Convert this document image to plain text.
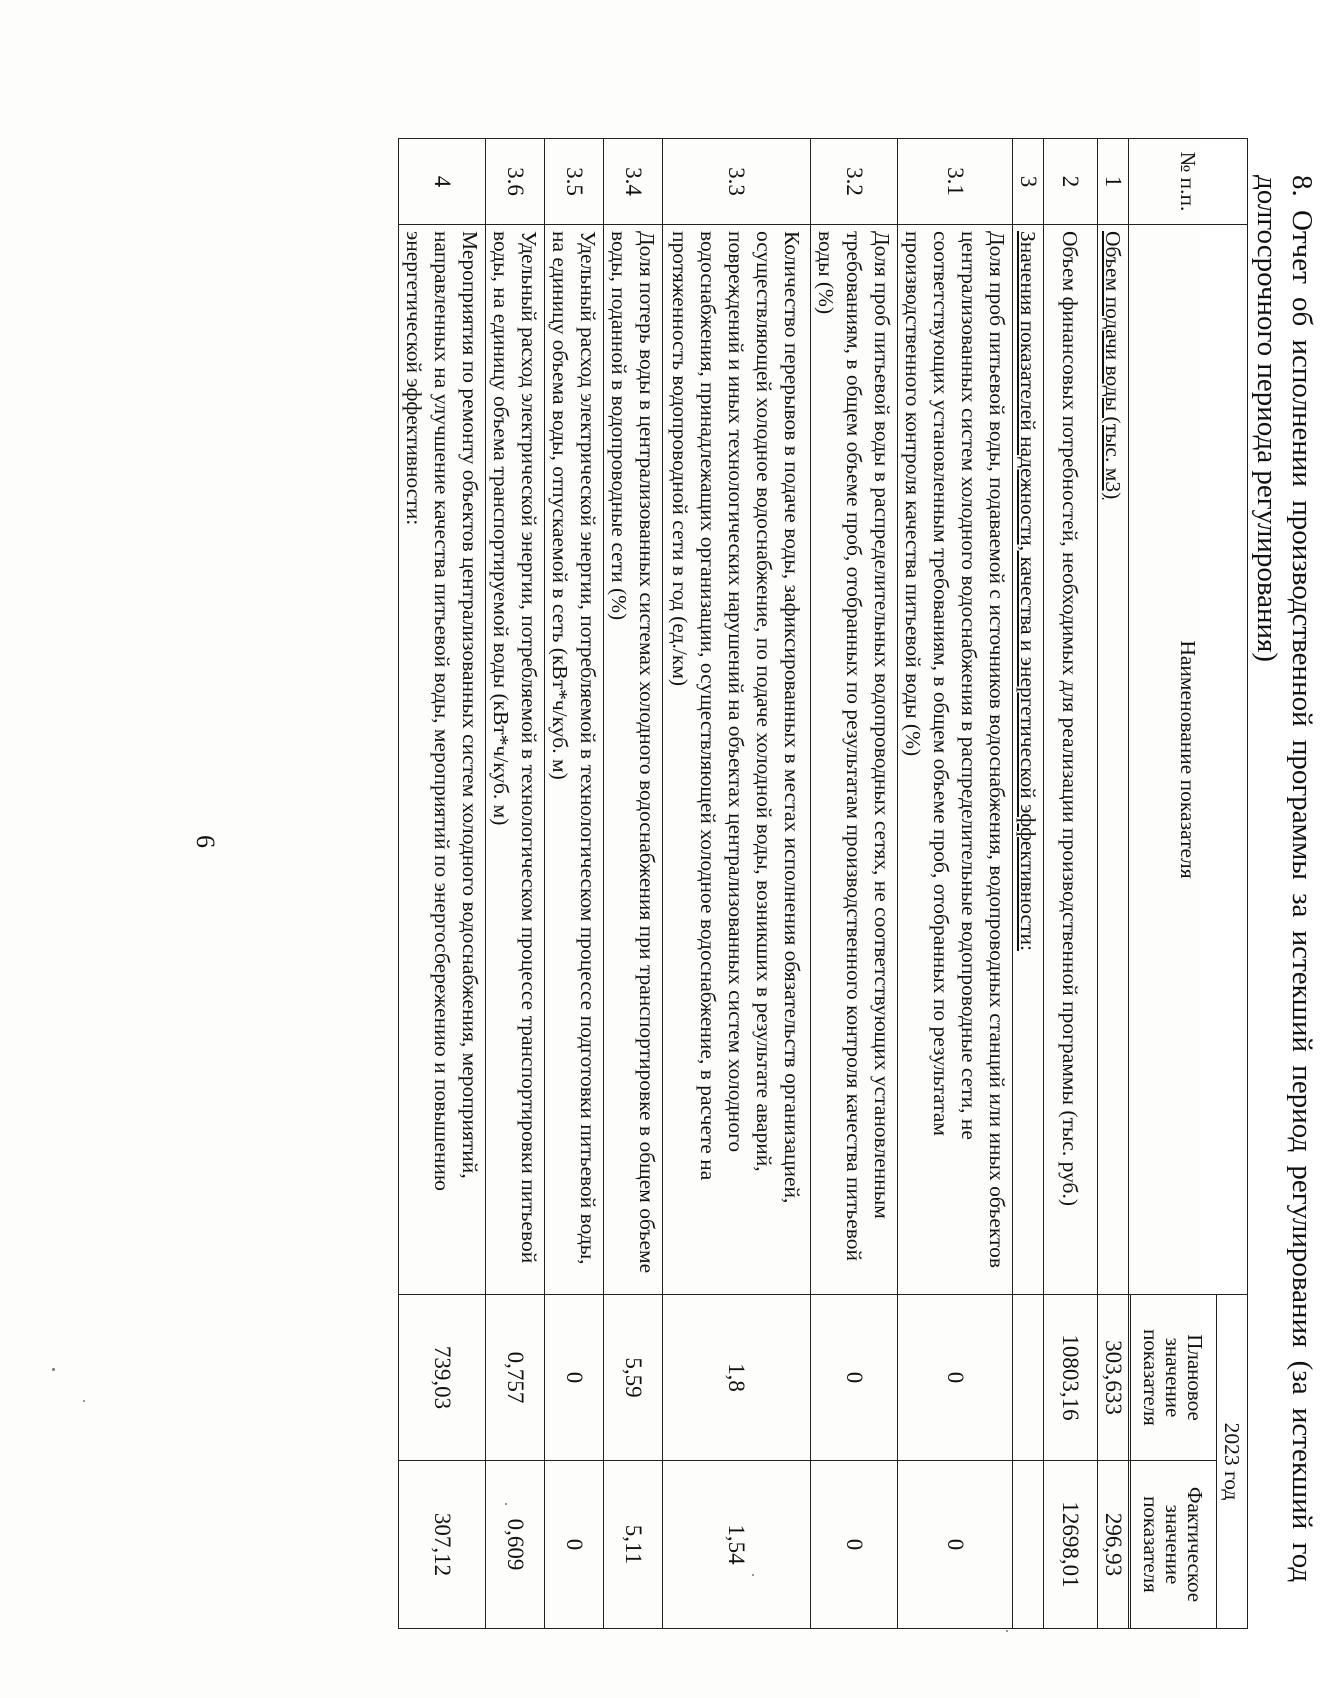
6	8. Отчет об исполнении производственной программы за истекший период регулирования (за истекший год
долгосрочного периода регулирования)
№ п.п.	Наименование показателя	2023 год	
		Плановое значение показателя	Фактическое значение показателя

1	Объем подачи воды (тыс. м3)	303,633	296,93
2	Объем финансовых потребностей, необходимых для реализации производственной программы (тыс. руб.)	10803,16	12698,01
3	Значения показателей надежности, качества и энергетической эффективности:		
3.1	Доля проб питьевой воды, подаваемой с источников водоснабжения, водопроводных станций или иных объектов централизованных систем холодного водоснабжения в распределительные водопроводные сети, не соответствующих установленным требованиям, в общем объеме проб, отобранных по результатам производственного контроля качества питьевой воды (%)	0	0
3.2	Доля проб питьевой воды в распределительных водопроводных сетях, не соответствующих установленным требованиям, в общем объеме проб, отобранных по результатам производственного контроля качества питьевой воды (%)	0	0
3.3	Количество перерывов в подаче воды, зафиксированных в местах исполнения обязательств организацией, осуществляющей холодное водоснабжение, по подаче холодной воды, возникших в результате аварий, повреждений и иных технологических нарушений на объектах централизованных систем холодного водоснабжения, принадлежащих организации, осуществляющей холодное водоснабжение, в расчете на протяженность водопроводной сети в год (ед./км)	1,8	1,54
3.4	Доля потерь воды в централизованных системах холодного водоснабжения при транспортировке в общем объеме воды, поданной в водопроводные сети (%)	5,59	5,11
3.5	Удельный расход электрической энергии, потребляемой в технологическом процессе подготовки питьевой воды, на единицу объема воды, отпускаемой в сеть (кВт*ч/куб. м)	0	0
3.6	Удельный расход электрической энергии, потребляемой в технологическом процессе транспортировки питьевой воды, на единицу объема транспортируемой воды (кВт*ч/куб. м)	0,757	0,609
4	Мероприятия по ремонту объектов централизованных систем холодного водоснабжения, мероприятий, направленных на улучшение качества питьевой воды, мероприятий по энергосбережению и повышению энергетической эффективности:	739,03	307,12
